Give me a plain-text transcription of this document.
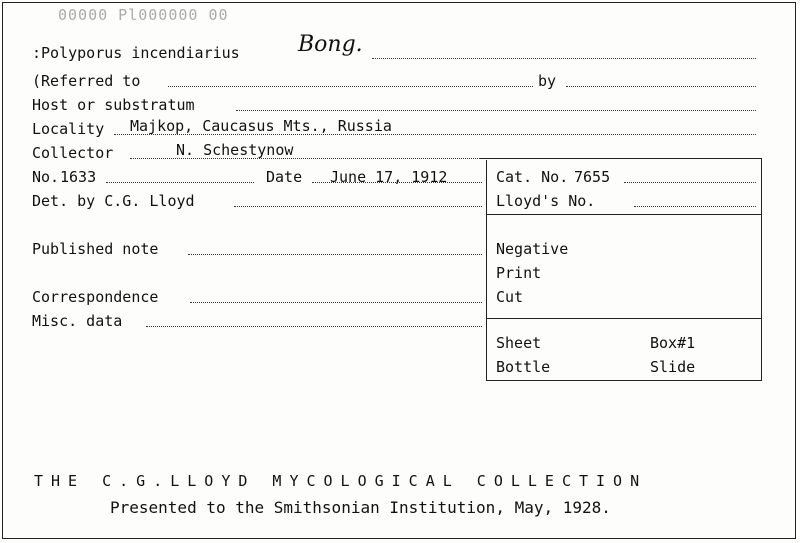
00000 Pl000000 00
:Polyporus incendiarius	Bong.
(Referred to	by
Host or substratum
Locality Majkop, Caucasus Mts., Russia
Collector	N. Schestynow
No. 1633	Date June 17, 1912	Cat. No. 7655
Det. by C.G. Lloyd	Lloyd's No.
Published note	Negative
Print
Correspondence	Cut
Misc. data
Sheet	Box#1
Bottle	Slide
THE C.G.LLOYD MYCOLOGICAL COLLECTION
Presented to the Smithsonian Institution, May, 1928.
